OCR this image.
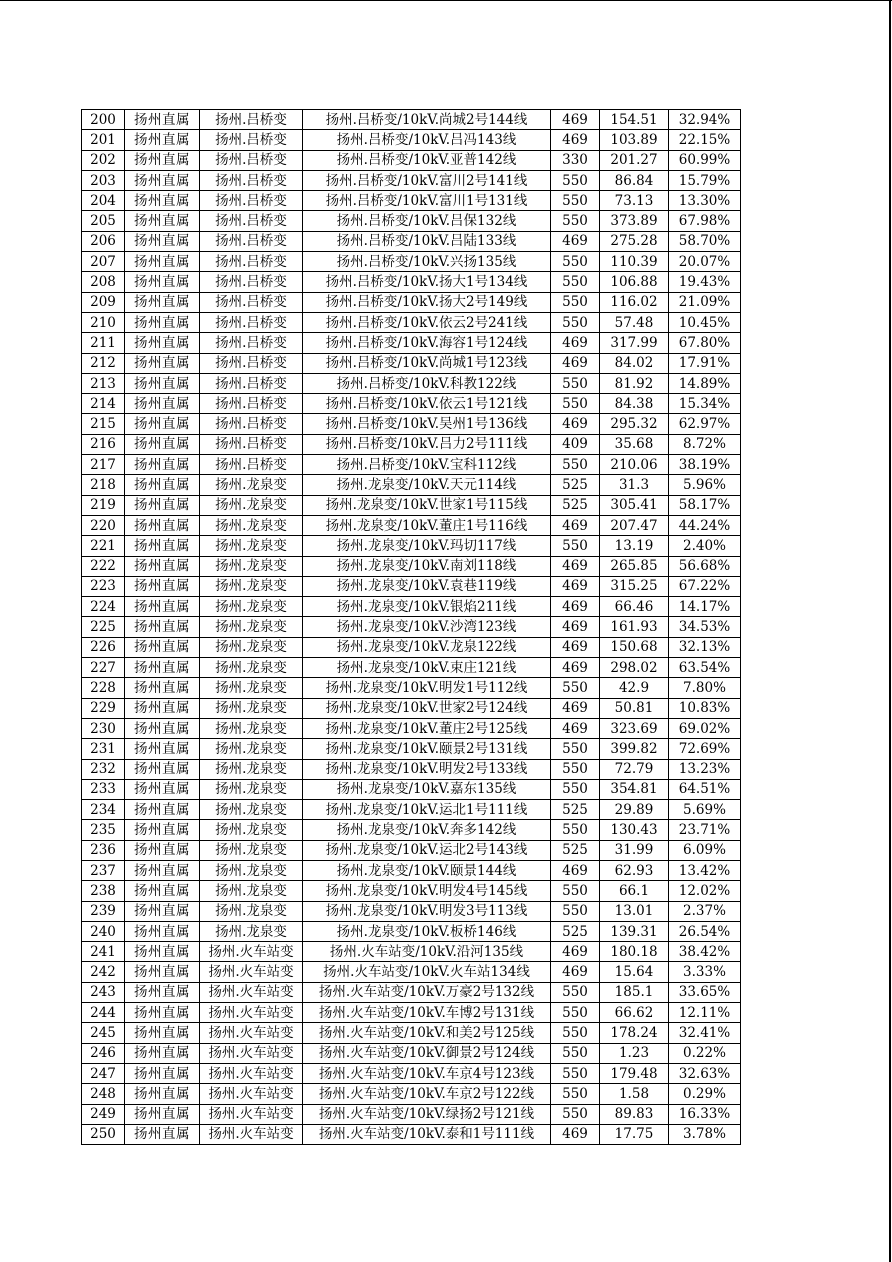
200	扬州直属	扬州.吕桥变	扬州.吕桥变/10kV.尚城2号144线	469	154.51	32.94%
201	扬州直属	扬州.吕桥变	扬州.吕桥变/10kV.吕冯143线	469	103.89	22.15%
202	扬州直属	扬州.吕桥变	扬州.吕桥变/10kV.亚普142线	330	201.27	60.99%
203	扬州直属	扬州.吕桥变	扬州.吕桥变/10kV.富川2号141线	550	86.84	15.79%
204	扬州直属	扬州.吕桥变	扬州.吕桥变/10kV.富川1号131线	550	73.13	13.30%
205	扬州直属	扬州.吕桥变	扬州.吕桥变/10kV.吕保132线	550	373.89	67.98%
206	扬州直属	扬州.吕桥变	扬州.吕桥变/10kV.吕陆133线	469	275.28	58.70%
207	扬州直属	扬州.吕桥变	扬州.吕桥变/10kV.兴扬135线	550	110.39	20.07%
208	扬州直属	扬州.吕桥变	扬州.吕桥变/10kV.扬大1号134线	550	106.88	19.43%
209	扬州直属	扬州.吕桥变	扬州.吕桥变/10kV.扬大2号149线	550	116.02	21.09%
210	扬州直属	扬州.吕桥变	扬州.吕桥变/10kV.依云2号241线	550	57.48	10.45%
211	扬州直属	扬州.吕桥变	扬州.吕桥变/10kV.海容1号124线	469	317.99	67.80%
212	扬州直属	扬州.吕桥变	扬州.吕桥变/10kV.尚城1号123线	469	84.02	17.91%
213	扬州直属	扬州.吕桥变	扬州.吕桥变/10kV.科教122线	550	81.92	14.89%
214	扬州直属	扬州.吕桥变	扬州.吕桥变/10kV.依云1号121线	550	84.38	15.34%
215	扬州直属	扬州.吕桥变	扬州.吕桥变/10kV.吴州1号136线	469	295.32	62.97%
216	扬州直属	扬州.吕桥变	扬州.吕桥变/10kV.吕力2号111线	409	35.68	8.72%
217	扬州直属	扬州.吕桥变	扬州.吕桥变/10kV.宝科112线	550	210.06	38.19%
218	扬州直属	扬州.龙泉变	扬州.龙泉变/10kV.天元114线	525	31.3	5.96%
219	扬州直属	扬州.龙泉变	扬州.龙泉变/10kV.世家1号115线	525	305.41	58.17%
220	扬州直属	扬州.龙泉变	扬州.龙泉变/10kV.董庄1号116线	469	207.47	44.24%
221	扬州直属	扬州.龙泉变	扬州.龙泉变/10kV.玛切117线	550	13.19	2.40%
222	扬州直属	扬州.龙泉变	扬州.龙泉变/10kV.南刘118线	469	265.85	56.68%
223	扬州直属	扬州.龙泉变	扬州.龙泉变/10kV.袁巷119线	469	315.25	67.22%
224	扬州直属	扬州.龙泉变	扬州.龙泉变/10kV.银焰211线	469	66.46	14.17%
225	扬州直属	扬州.龙泉变	扬州.龙泉变/10kV.沙湾123线	469	161.93	34.53%
226	扬州直属	扬州.龙泉变	扬州.龙泉变/10kV.龙泉122线	469	150.68	32.13%
227	扬州直属	扬州.龙泉变	扬州.龙泉变/10kV.束庄121线	469	298.02	63.54%
228	扬州直属	扬州.龙泉变	扬州.龙泉变/10kV.明发1号112线	550	42.9	7.80%
229	扬州直属	扬州.龙泉变	扬州.龙泉变/10kV.世家2号124线	469	50.81	10.83%
230	扬州直属	扬州.龙泉变	扬州.龙泉变/10kV.董庄2号125线	469	323.69	69.02%
231	扬州直属	扬州.龙泉变	扬州.龙泉变/10kV.颐景2号131线	550	399.82	72.69%
232	扬州直属	扬州.龙泉变	扬州.龙泉变/10kV.明发2号133线	550	72.79	13.23%
233	扬州直属	扬州.龙泉变	扬州.龙泉变/10kV.嘉东135线	550	354.81	64.51%
234	扬州直属	扬州.龙泉变	扬州.龙泉变/10kV.运北1号111线	525	29.89	5.69%
235	扬州直属	扬州.龙泉变	扬州.龙泉变/10kV.奔多142线	550	130.43	23.71%
236	扬州直属	扬州.龙泉变	扬州.龙泉变/10kV.运北2号143线	525	31.99	6.09%
237	扬州直属	扬州.龙泉变	扬州.龙泉变/10kV.颐景144线	469	62.93	13.42%
238	扬州直属	扬州.龙泉变	扬州.龙泉变/10kV.明发4号145线	550	66.1	12.02%
239	扬州直属	扬州.龙泉变	扬州.龙泉变/10kV.明发3号113线	550	13.01	2.37%
240	扬州直属	扬州.龙泉变	扬州.龙泉变/10kV.板桥146线	525	139.31	26.54%
241	扬州直属	扬州.火车站变	扬州.火车站变/10kV.沿河135线	469	180.18	38.42%
242	扬州直属	扬州.火车站变	扬州.火车站变/10kV.火车站134线	469	15.64	3.33%
243	扬州直属	扬州.火车站变	扬州.火车站变/10kV.万豪2号132线	550	185.1	33.65%
244	扬州直属	扬州.火车站变	扬州.火车站变/10kV.车博2号131线	550	66.62	12.11%
245	扬州直属	扬州.火车站变	扬州.火车站变/10kV.和美2号125线	550	178.24	32.41%
246	扬州直属	扬州.火车站变	扬州.火车站变/10kV.御景2号124线	550	1.23	0.22%
247	扬州直属	扬州.火车站变	扬州.火车站变/10kV.车京4号123线	550	179.48	32.63%
248	扬州直属	扬州.火车站变	扬州.火车站变/10kV.车京2号122线	550	1.58	0.29%
249	扬州直属	扬州.火车站变	扬州.火车站变/10kV.绿扬2号121线	550	89.83	16.33%
250	扬州直属	扬州.火车站变	扬州.火车站变/10kV.泰和1号111线	469	17.75	3.78%
